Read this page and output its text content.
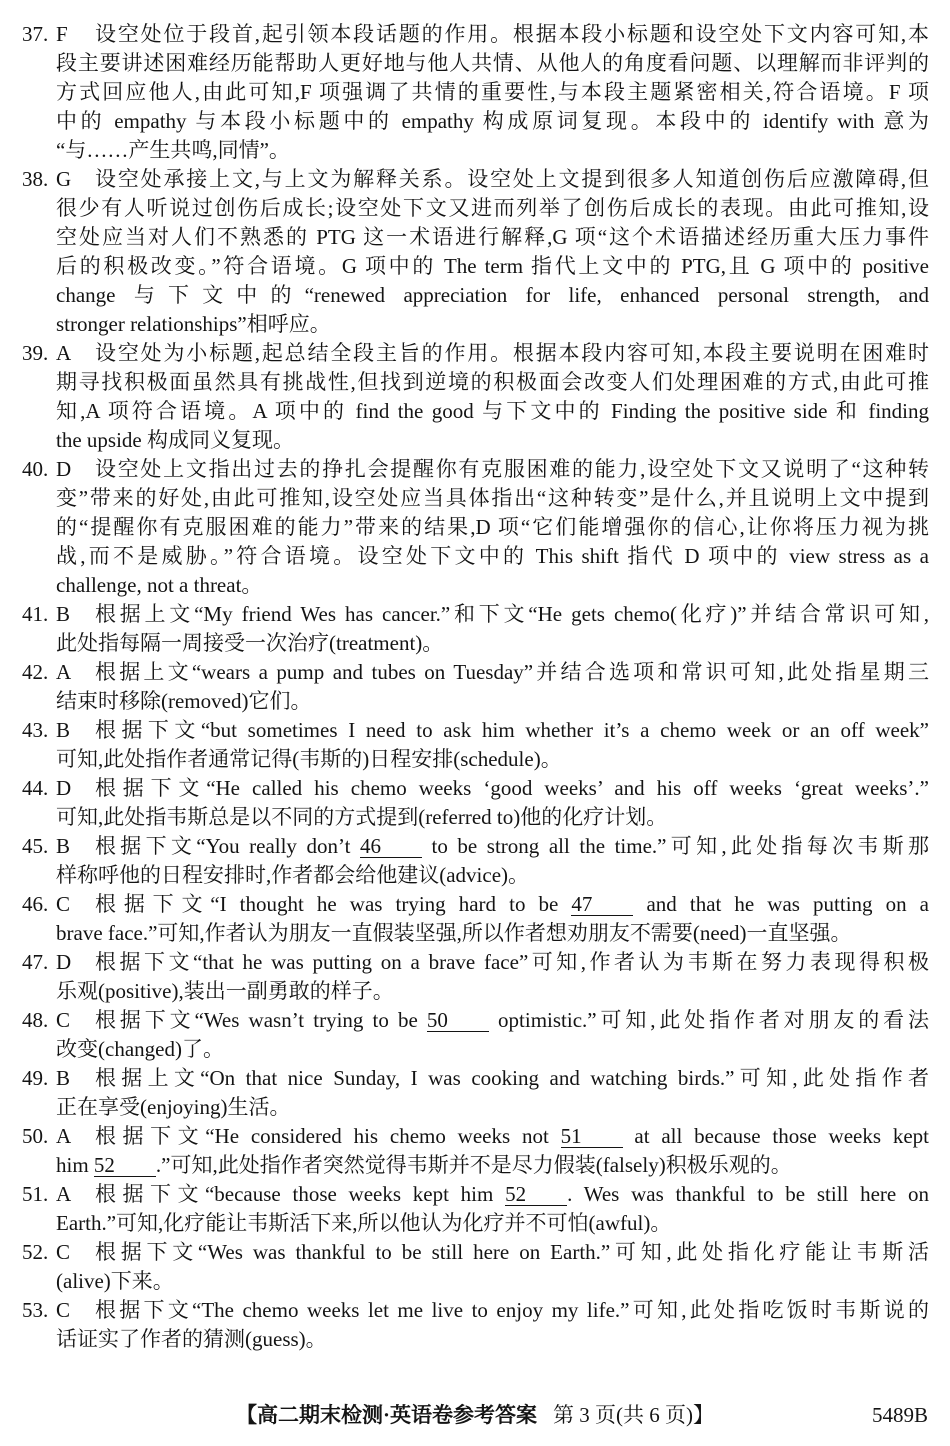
37. F	设空处位于段首,起引领本段话题的作用。根据本段小标题和设空处下文内容可知,本
段主要讲述困难经历能帮助人更好地与他人共情、从他人的角度看问题、以理解而非评判的
方式回应他人,由此可知,F 项强调了共情的重要性,与本段主题紧密相关,符合语境。F 项
中的 empathy 与本段小标题中的 empathy 构成原词复现。本段中的 identify with 意为
“与……产生共鸣,同情”。
38. G	设空处承接上文,与上文为解释关系。设空处上文提到很多人知道创伤后应激障碍,但
很少有人听说过创伤后成长;设空处下文又进而列举了创伤后成长的表现。由此可推知,设
空处应当对人们不熟悉的 PTG 这一术语进行解释,G 项“这个术语描述经历重大压力事件
后的积极改变。”符合语境。G 项中的 The term 指代上文中的 PTG,且 G 项中的 positive
change 与下文中的“renewed appreciation for life, enhanced personal strength, and
stronger relationships”相呼应。
39. A	设空处为小标题,起总结全段主旨的作用。根据本段内容可知,本段主要说明在困难时
期寻找积极面虽然具有挑战性,但找到逆境的积极面会改变人们处理困难的方式,由此可推
知,A 项符合语境。A 项中的 find the good 与下文中的 Finding the positive side 和 finding
the upside 构成同义复现。
40. D	设空处上文指出过去的挣扎会提醒你有克服困难的能力,设空处下文又说明了“这种转
变”带来的好处,由此可推知,设空处应当具体指出“这种转变”是什么,并且说明上文中提到
的“提醒你有克服困难的能力”带来的结果,D 项“它们能增强你的信心,让你将压力视为挑
战,而不是威胁。”符合语境。设空处下文中的 This shift 指代 D 项中的 view stress as a
challenge, not a threat。
41. B	根据上文“My friend Wes has cancer.”和下文“He gets chemo(化疗)”并结合常识可知,
此处指每隔一周接受一次治疗(treatment)。
42. A	根据上文“wears a pump and tubes on Tuesday”并结合选项和常识可知,此处指星期三
结束时移除(removed)它们。
43. B	根据下文“but sometimes I need to ask him whether it’s a chemo week or an off week”
可知,此处指作者通常记得(韦斯的)日程安排(schedule)。
44. D	根据下文“He called his chemo weeks ‘good weeks’ and his off weeks ‘great weeks’.”
可知,此处指韦斯总是以不同的方式提到(referred to)他的化疗计划。
45. B	根据下文“You really don’t 46 to be strong all the time.”可知,此处指每次韦斯那
样称呼他的日程安排时,作者都会给他建议(advice)。
46. C	根据下文“I thought he was trying hard to be 47 and that he was putting on a
brave face.”可知,作者认为朋友一直假装坚强,所以作者想劝朋友不需要(need)一直坚强。
47. D	根据下文“that he was putting on a brave face”可知,作者认为韦斯在努力表现得积极
乐观(positive),装出一副勇敢的样子。
48. C	根据下文“Wes wasn’t trying to be 50 optimistic.”可知,此处指作者对朋友的看法
改变(changed)了。
49. B	根据上文“On that nice Sunday, I was cooking and watching birds.”可知,此处指作者
正在享受(enjoying)生活。
50. A	根据下文“He considered his chemo weeks not 51 at all because those weeks kept
him 52 .”可知,此处指作者突然觉得韦斯并不是尽力假装(falsely)积极乐观的。
51. A	根据下文“because those weeks kept him 52 . Wes was thankful to be still here on
Earth.”可知,化疗能让韦斯活下来,所以他认为化疗并不可怕(awful)。
52. C	根据下文“Wes was thankful to be still here on Earth.”可知,此处指化疗能让韦斯活
(alive)下来。
53. C	根据下文“The chemo weeks let me live to enjoy my life.”可知,此处指吃饭时韦斯说的
话证实了作者的猜测(guess)。
【高二期末检测·英语卷参考答案 第 3 页(共 6 页)】	5489B
